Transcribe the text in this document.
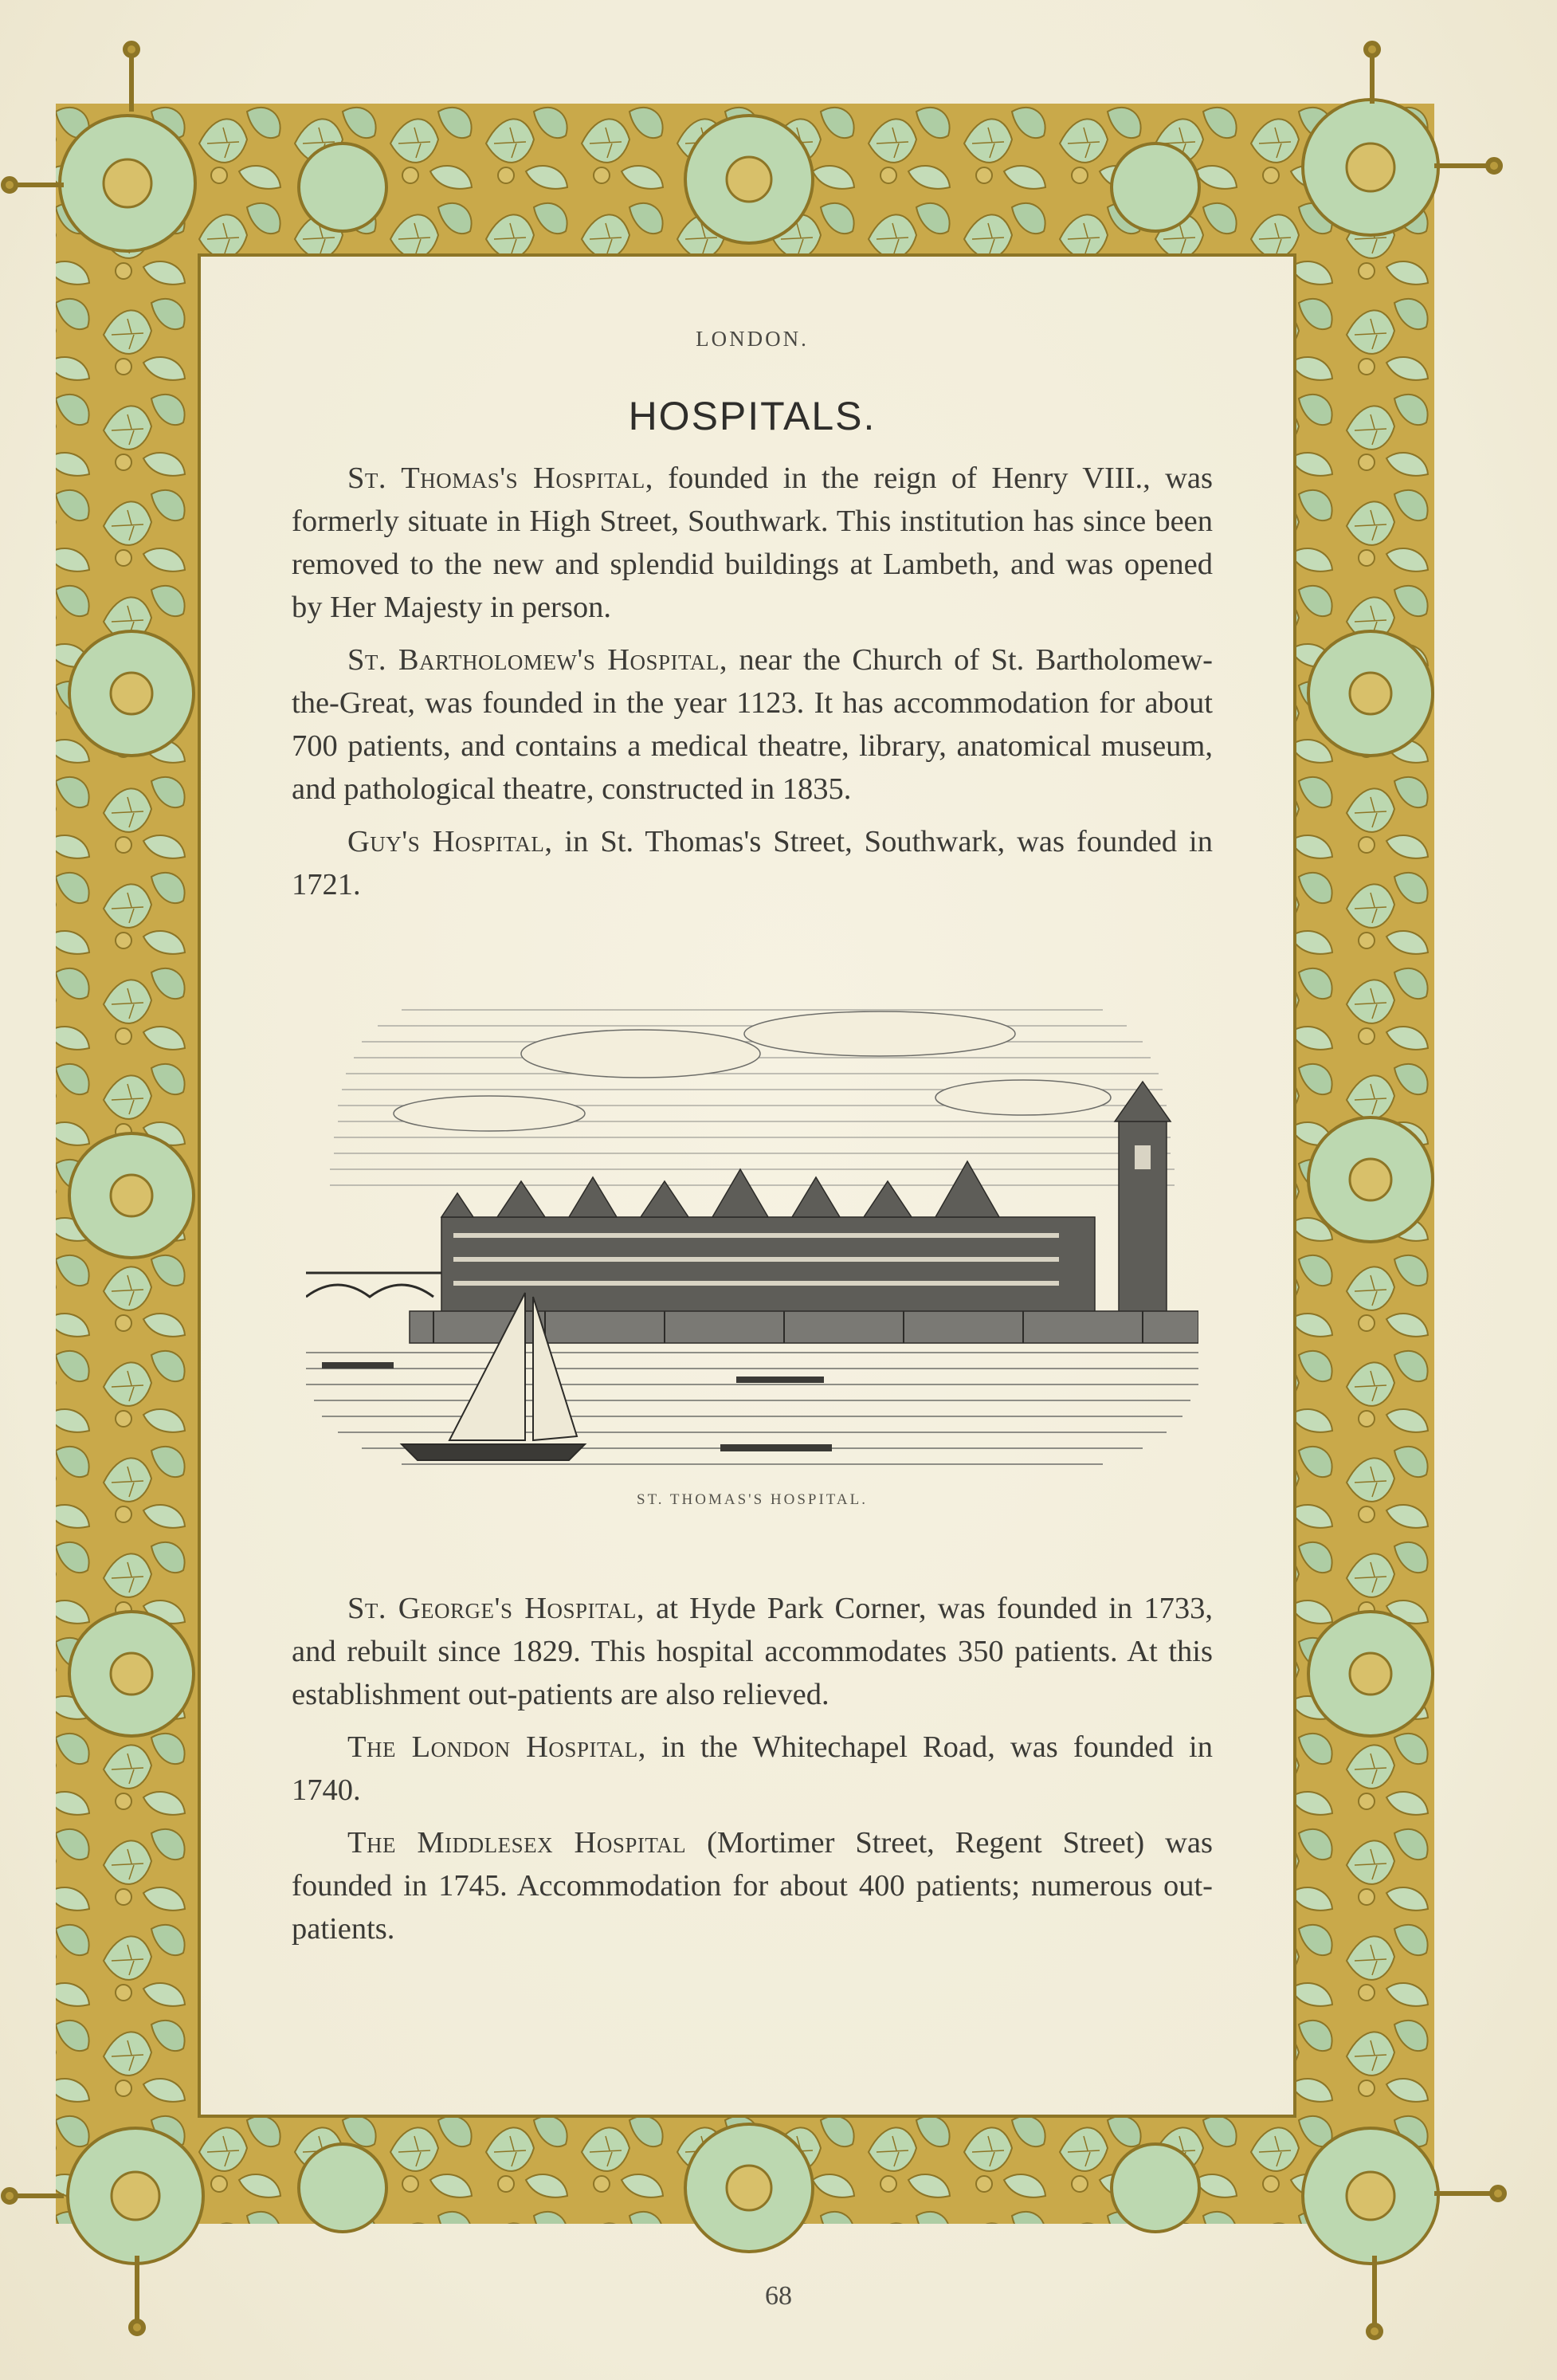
LONDON.
HOSPITALS.

St. Thomas's Hospital, founded in the reign of Henry VIII., was formerly situate in High Street, Southwark. This institution has since been removed to the new and splendid buildings at Lambeth, and was opened by Her Majesty in person.

St. Bartholomew's Hospital, near the Church of St. Bartholomew-the-Great, was founded in the year 1123. It has accommodation for about 700 patients, and contains a medical theatre, library, anatomical museum, and pathological theatre, constructed in 1835.

Guy's Hospital, in St. Thomas's Street, Southwark, was founded in 1721.

ST. THOMAS'S HOSPITAL.

St. George's Hospital, at Hyde Park Corner, was founded in 1733, and rebuilt since 1829. This hospital accommodates 350 patients. At this establishment out-patients are also relieved.

The London Hospital, in the Whitechapel Road, was founded in 1740.

The Middlesex Hospital (Mortimer Street, Regent Street) was founded in 1745. Accommodation for about 400 patients; numerous out-patients.

68
